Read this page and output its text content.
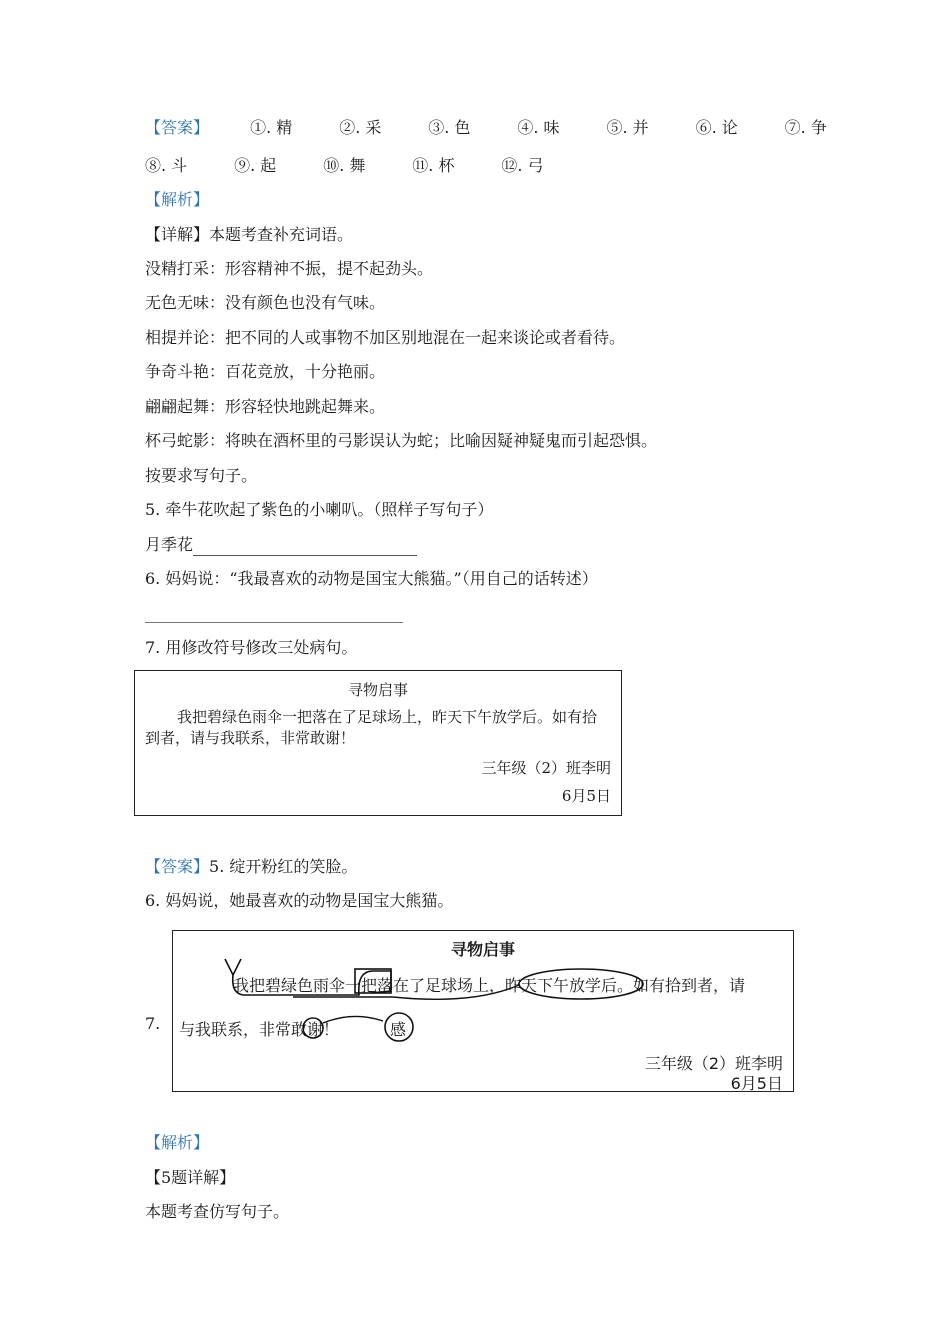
【答案】	①. 精	②. 采	③. 色	④. 味	⑤. 并	⑥. 论	⑦. 争
⑧. 斗	⑨. 起	⑩. 舞	⑪. 杯	⑫. 弓
【解析】
【详解】本题考查补充词语。
没精打采：形容精神不振，提不起劲头。
无色无味：没有颜色也没有气味。
相提并论：把不同的人或事物不加区别地混在一起来谈论或者看待。
争奇斗艳：百花竞放，十分艳丽。
翩翩起舞：形容轻快地跳起舞来。
杯弓蛇影：将映在酒杯里的弓影误认为蛇；比喻因疑神疑鬼而引起恐惧。
按要求写句子。
5. 牵牛花吹起了紫色的小喇叭。（照样子写句子）
月季花
6. 妈妈说：“我最喜欢的动物是国宝大熊猫。”（用自己的话转述）
7. 用修改符号修改三处病句。
寻物启事
我把碧绿色雨伞一把落在了足球场上，昨天下午放学后。如有拾到者，请与我联系，非常敢谢！
三年级（2）班李明
6月5日
【答案】5. 绽开粉红的笑脸。
6. 妈妈说，她最喜欢的动物是国宝大熊猫。
7.
寻物启事
我把碧绿色雨伞一把落在了足球场上，昨天下午放学后。如有拾到者，请
与我联系，非常敢谢！
三年级（2）班李明
6月5日
感
【解析】
【5题详解】
本题考查仿写句子。
